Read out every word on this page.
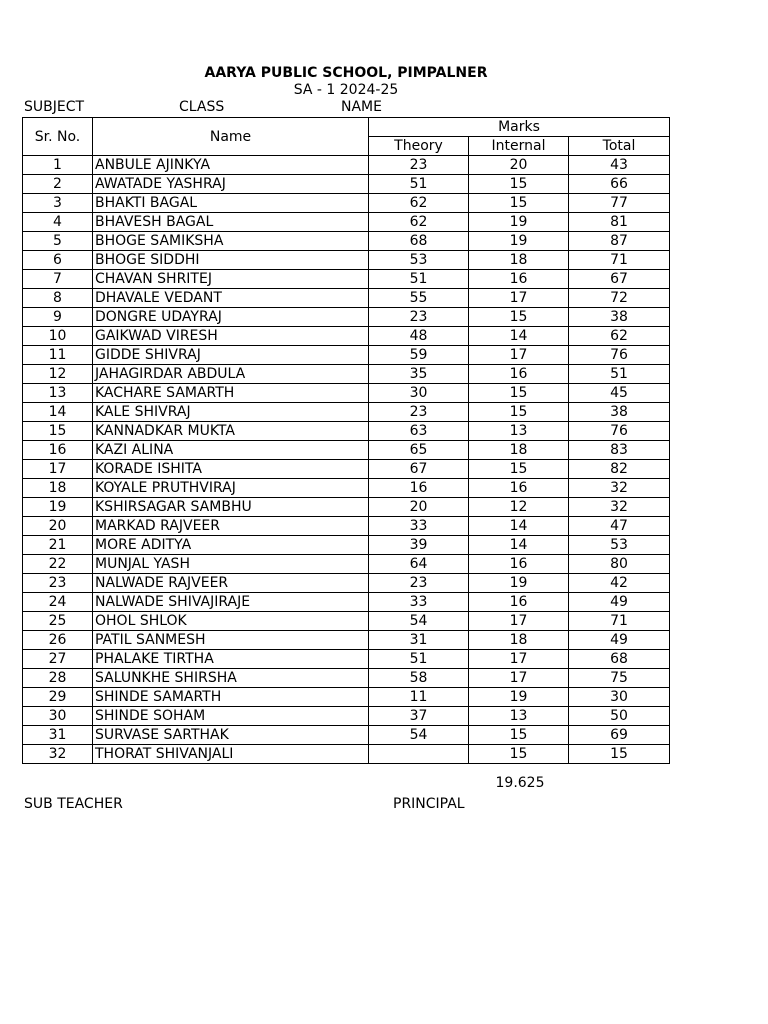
AARYA PUBLIC SCHOOL, PIMPALNER
SA - 1 2024-25
SUBJECT	CLASS	NAME
Sr. No.	Name	Marks		
		Theory	Internal	Total
1	ANBULE AJINKYA	23	20	43
2	AWATADE YASHRAJ	51	15	66
3	BHAKTI BAGAL	62	15	77
4	BHAVESH BAGAL	62	19	81
5	BHOGE SAMIKSHA	68	19	87
6	BHOGE SIDDHI	53	18	71
7	CHAVAN SHRITEJ	51	16	67
8	DHAVALE VEDANT	55	17	72
9	DONGRE UDAYRAJ	23	15	38
10	GAIKWAD VIRESH	48	14	62
11	GIDDE SHIVRAJ	59	17	76
12	JAHAGIRDAR ABDULA	35	16	51
13	KACHARE SAMARTH	30	15	45
14	KALE SHIVRAJ	23	15	38
15	KANNADKAR MUKTA	63	13	76
16	KAZI ALINA	65	18	83
17	KORADE ISHITA	67	15	82
18	KOYALE PRUTHVIRAJ	16	16	32
19	KSHIRSAGAR SAMBHU	20	12	32
20	MARKAD RAJVEER	33	14	47
21	MORE ADITYA	39	14	53
22	MUNJAL YASH	64	16	80
23	NALWADE RAJVEER	23	19	42
24	NALWADE SHIVAJIRAJE	33	16	49
25	OHOL SHLOK	54	17	71
26	PATIL SANMESH	31	18	49
27	PHALAKE TIRTHA	51	17	68
28	SALUNKHE SHIRSHA	58	17	75
29	SHINDE SAMARTH	11	19	30
30	SHINDE SOHAM	37	13	50
31	SURVASE SARTHAK	54	15	69
32	THORAT SHIVANJALI		15	15
19.625
SUB TEACHER	PRINCIPAL
